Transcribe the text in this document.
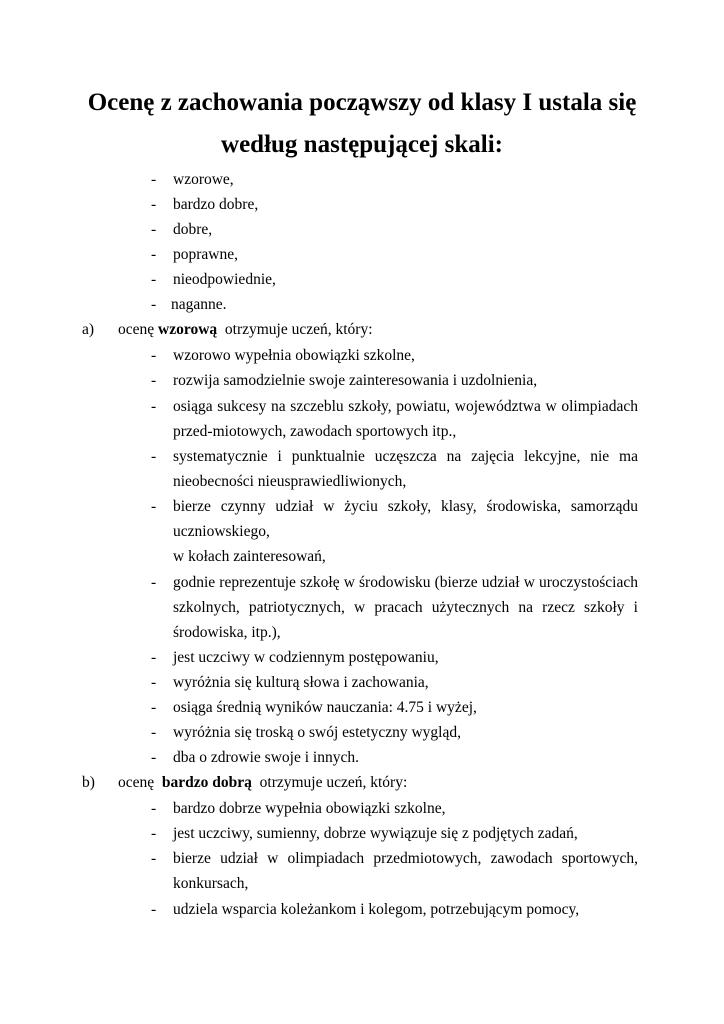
Ocenę z zachowania począwszy od klasy I ustala się
według następującej skali:
- wzorowe,
- bardzo dobre,
- dobre,
- poprawne,
- nieodpowiednie,
- naganne.
a) ocenę wzorową otrzymuje uczeń, który:
- wzorowo wypełnia obowiązki szkolne,
- rozwija samodzielnie swoje zainteresowania i uzdolnienia,
- osiąga sukcesy na szczeblu szkoły, powiatu, województwa w olimpiadach
przed-miotowych, zawodach sportowych itp.,
- systematycznie i punktualnie uczęszcza na zajęcia lekcyjne, nie ma
nieobecności nieusprawiedliwionych,
- bierze czynny udział w życiu szkoły, klasy, środowiska, samorządu
uczniowskiego,
w kołach zainteresowań,
- godnie reprezentuje szkołę w środowisku (bierze udział w uroczystościach
szkolnych, patriotycznych, w pracach użytecznych na rzecz szkoły i
środowiska, itp.),
- jest uczciwy w codziennym postępowaniu,
- wyróżnia się kulturą słowa i zachowania,
- osiąga średnią wyników nauczania: 4.75 i wyżej,
- wyróżnia się troską o swój estetyczny wygląd,
- dba o zdrowie swoje i innych.
b) ocenę bardzo dobrą otrzymuje uczeń, który:
- bardzo dobrze wypełnia obowiązki szkolne,
- jest uczciwy, sumienny, dobrze wywiązuje się z podjętych zadań,
- bierze udział w olimpiadach przedmiotowych, zawodach sportowych,
konkursach,
- udziela wsparcia koleżankom i kolegom, potrzebującym pomocy,
